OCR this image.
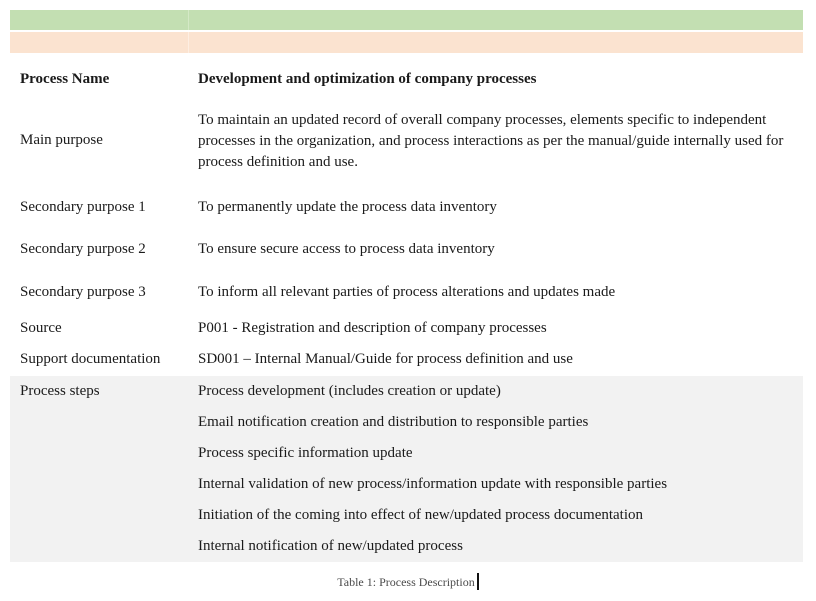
Process Name	Development and optimization of company processes
Main purpose	To maintain an updated record of overall company processes, elements specific to independent processes in the organization, and process interactions as per the manual/guide internally used for process definition and use.
Secondary purpose 1	To permanently update the process data inventory
Secondary purpose 2	To ensure secure access to process data inventory
Secondary purpose 3	To inform all relevant parties of process alterations and updates made
Source	P001 - Registration and description of company processes
Support documentation	SD001 – Internal Manual/Guide for process definition and use
Process steps	Process development (includes creation or update)
	Email notification creation and distribution to responsible parties
	Process specific information update
	Internal validation of new process/information update with responsible parties
	Initiation of the coming into effect of new/updated process documentation
	Internal notification of new/updated process
Table 1: Process Description
